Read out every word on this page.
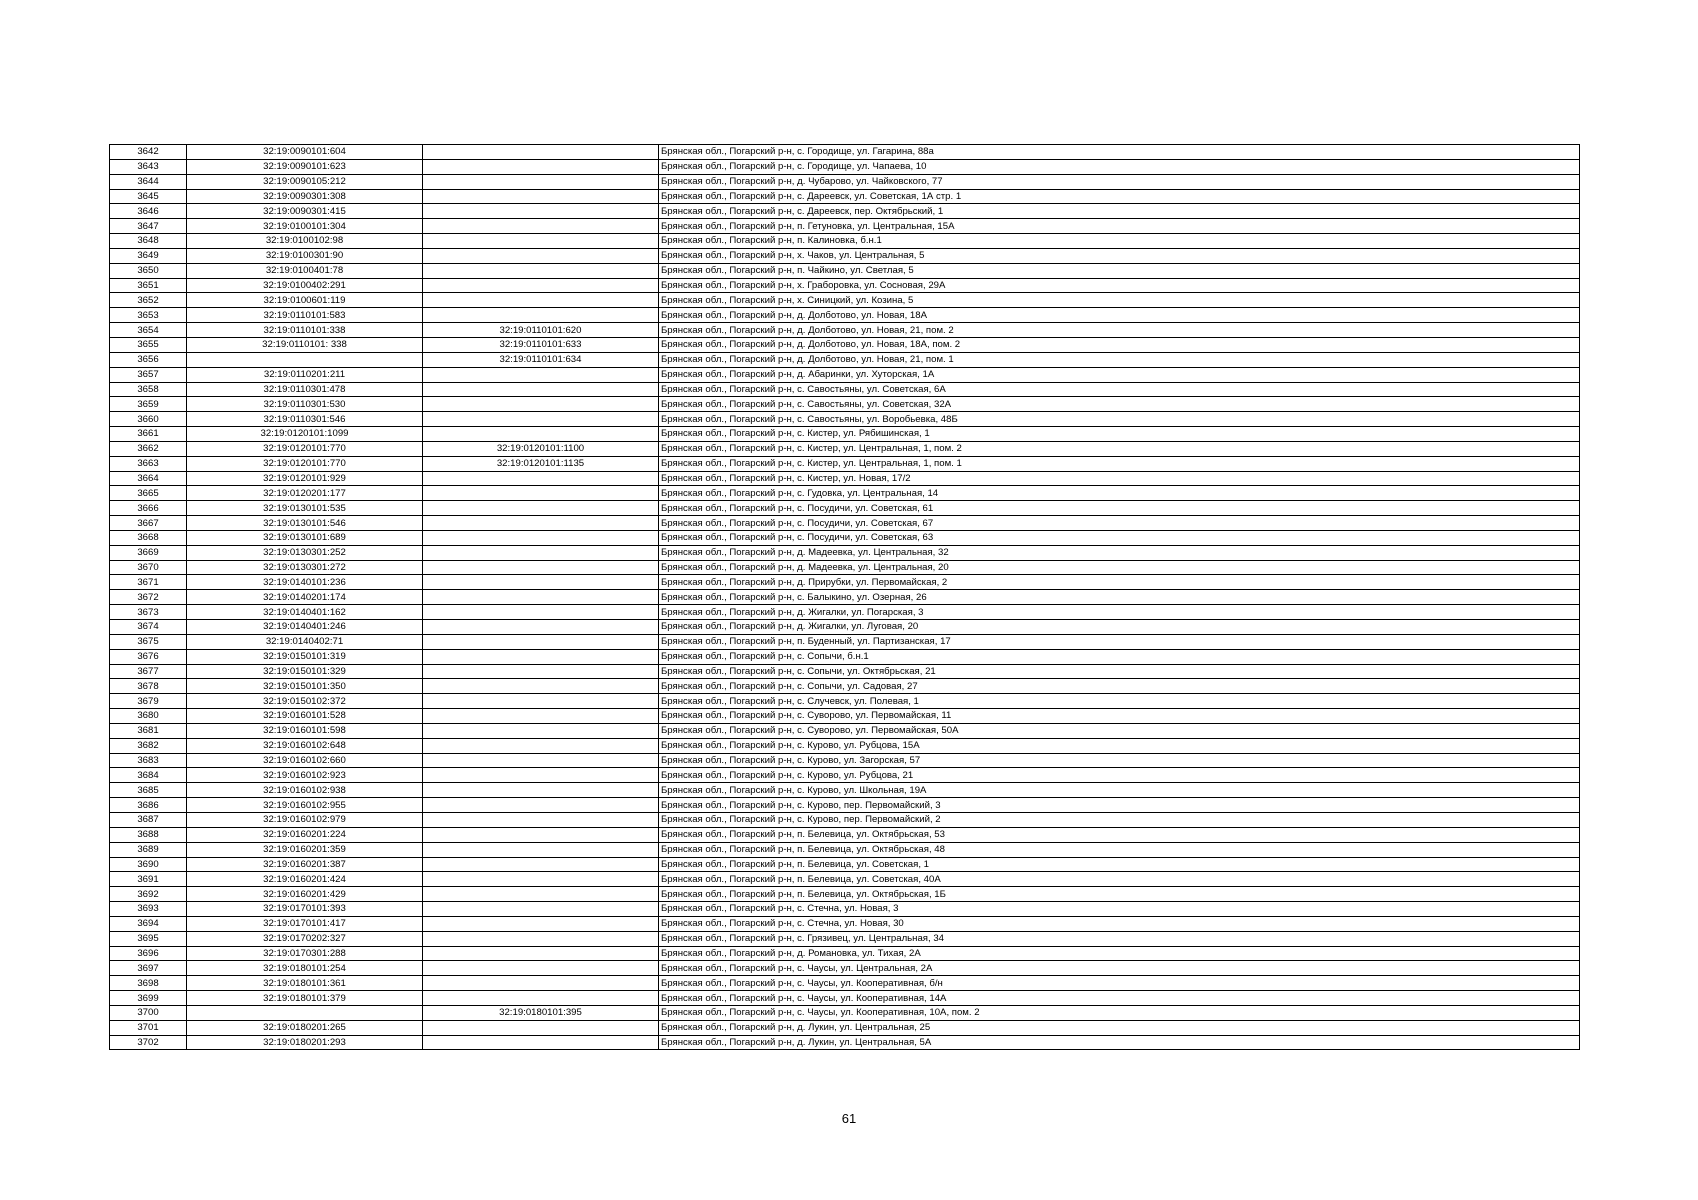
3642	32:19:0090101:604		Брянская обл., Погарский р-н, с. Городище, ул. Гагарина, 88а
3643	32:19:0090101:623		Брянская обл., Погарский р-н, с. Городище, ул. Чапаева, 10
3644	32:19:0090105:212		Брянская обл., Погарский р-н, д. Чубарово, ул. Чайковского, 77
3645	32:19:0090301:308		Брянская обл., Погарский р-н, с. Дареевск, ул. Советская, 1А стр. 1
3646	32:19:0090301:415		Брянская обл., Погарский р-н, с. Дареевск, пер. Октябрьский, 1
3647	32:19:0100101:304		Брянская обл., Погарский р-н, п. Гетуновка, ул. Центральная, 15А
3648	32:19:0100102:98		Брянская обл., Погарский р-н, п. Калиновка, б.н.1
3649	32:19:0100301:90		Брянская обл., Погарский р-н, х. Чаков, ул. Центральная, 5
3650	32:19:0100401:78		Брянская обл., Погарский р-н, п. Чайкино, ул. Светлая, 5
3651	32:19:0100402:291		Брянская обл., Погарский р-н, х. Граборовка, ул. Сосновая, 29А
3652	32:19:0100601:119		Брянская обл., Погарский р-н, х. Синицкий, ул. Козина, 5
3653	32:19:0110101:583		Брянская обл., Погарский р-н, д. Долботово, ул. Новая, 18А
3654	32:19:0110101:338	32:19:0110101:620	Брянская обл., Погарский р-н, д. Долботово, ул. Новая, 21, пом. 2
3655	32:19:0110101: 338	32:19:0110101:633	Брянская обл., Погарский р-н, д. Долботово, ул. Новая, 18А, пом. 2
3656		32:19:0110101:634	Брянская обл., Погарский р-н, д. Долботово, ул. Новая, 21, пом. 1
3657	32:19:0110201:211		Брянская обл., Погарский р-н, д. Абаринки, ул. Хуторская, 1А
3658	32:19:0110301:478		Брянская обл., Погарский р-н, с. Савостьяны, ул. Советская, 6А
3659	32:19:0110301:530		Брянская обл., Погарский р-н, с. Савостьяны, ул. Советская, 32А
3660	32:19:0110301:546		Брянская обл., Погарский р-н, с. Савостьяны, ул. Воробьевка, 48Б
3661	32:19:0120101:1099		Брянская обл., Погарский р-н, с. Кистер, ул. Рябишинская, 1
3662	32:19:0120101:770	32:19:0120101:1100	Брянская обл., Погарский р-н, с. Кистер, ул. Центральная, 1, пом. 2
3663	32:19:0120101:770	32:19:0120101:1135	Брянская обл., Погарский р-н, с. Кистер, ул. Центральная, 1, пом. 1
3664	32:19:0120101:929		Брянская обл., Погарский р-н, с. Кистер, ул. Новая, 17/2
3665	32:19:0120201:177		Брянская обл., Погарский р-н, с. Гудовка, ул. Центральная, 14
3666	32:19:0130101:535		Брянская обл., Погарский р-н, с. Посудичи, ул. Советская, 61
3667	32:19:0130101:546		Брянская обл., Погарский р-н, с. Посудичи, ул. Советская, 67
3668	32:19:0130101:689		Брянская обл., Погарский р-н, с. Посудичи, ул. Советская, 63
3669	32:19:0130301:252		Брянская обл., Погарский р-н, д. Мадеевка, ул. Центральная, 32
3670	32:19:0130301:272		Брянская обл., Погарский р-н, д. Мадеевка, ул. Центральная, 20
3671	32:19:0140101:236		Брянская обл., Погарский р-н, д. Прирубки, ул. Первомайская, 2
3672	32:19:0140201:174		Брянская обл., Погарский р-н, с. Балыкино, ул. Озерная, 26
3673	32:19:0140401:162		Брянская обл., Погарский р-н, д. Жигалки, ул. Погарская, 3
3674	32:19:0140401:246		Брянская обл., Погарский р-н, д. Жигалки, ул. Луговая, 20
3675	32:19:0140402:71		Брянская обл., Погарский р-н, п. Буденный, ул. Партизанская, 17
3676	32:19:0150101:319		Брянская обл., Погарский р-н, с. Сопычи, б.н.1
3677	32:19:0150101:329		Брянская обл., Погарский р-н, с. Сопычи, ул. Октябрьская, 21
3678	32:19:0150101:350		Брянская обл., Погарский р-н, с. Сопычи, ул. Садовая, 27
3679	32:19:0150102:372		Брянская обл., Погарский р-н, с. Случевск, ул. Полевая, 1
3680	32:19:0160101:528		Брянская обл., Погарский р-н, с. Суворово, ул. Первомайская, 11
3681	32:19:0160101:598		Брянская обл., Погарский р-н, с. Суворово, ул. Первомайская, 50А
3682	32:19:0160102:648		Брянская обл., Погарский р-н, с. Курово, ул. Рубцова, 15А
3683	32:19:0160102:660		Брянская обл., Погарский р-н, с. Курово, ул. Загорская, 57
3684	32:19:0160102:923		Брянская обл., Погарский р-н, с. Курово, ул. Рубцова, 21
3685	32:19:0160102:938		Брянская обл., Погарский р-н, с. Курово, ул. Школьная, 19А
3686	32:19:0160102:955		Брянская обл., Погарский р-н, с. Курово, пер. Первомайский, 3
3687	32:19:0160102:979		Брянская обл., Погарский р-н, с. Курово, пер. Первомайский, 2
3688	32:19:0160201:224		Брянская обл., Погарский р-н, п. Белевица, ул. Октябрьская, 53
3689	32:19:0160201:359		Брянская обл., Погарский р-н, п. Белевица, ул. Октябрьская, 48
3690	32:19:0160201:387		Брянская обл., Погарский р-н, п. Белевица, ул. Советская, 1
3691	32:19:0160201:424		Брянская обл., Погарский р-н, п. Белевица, ул. Советская, 40А
3692	32:19:0160201:429		Брянская обл., Погарский р-н, п. Белевица, ул. Октябрьская, 1Б
3693	32:19:0170101:393		Брянская обл., Погарский р-н, с. Стечна, ул. Новая, 3
3694	32:19:0170101:417		Брянская обл., Погарский р-н, с. Стечна, ул. Новая, 30
3695	32:19:0170202:327		Брянская обл., Погарский р-н, с. Грязивец, ул. Центральная, 34
3696	32:19:0170301:288		Брянская обл., Погарский р-н, д. Романовка, ул. Тихая, 2А
3697	32:19:0180101:254		Брянская обл., Погарский р-н, с. Чаусы, ул. Центральная, 2А
3698	32:19:0180101:361		Брянская обл., Погарский р-н, с. Чаусы, ул. Кооперативная, б/н
3699	32:19:0180101:379		Брянская обл., Погарский р-н, с. Чаусы, ул. Кооперативная, 14А
3700		32:19:0180101:395	Брянская обл., Погарский р-н, с. Чаусы, ул. Кооперативная, 10А, пом. 2
3701	32:19:0180201:265		Брянская обл., Погарский р-н, д. Лукин, ул. Центральная, 25
3702	32:19:0180201:293		Брянская обл., Погарский р-н, д. Лукин, ул. Центральная, 5А
61
